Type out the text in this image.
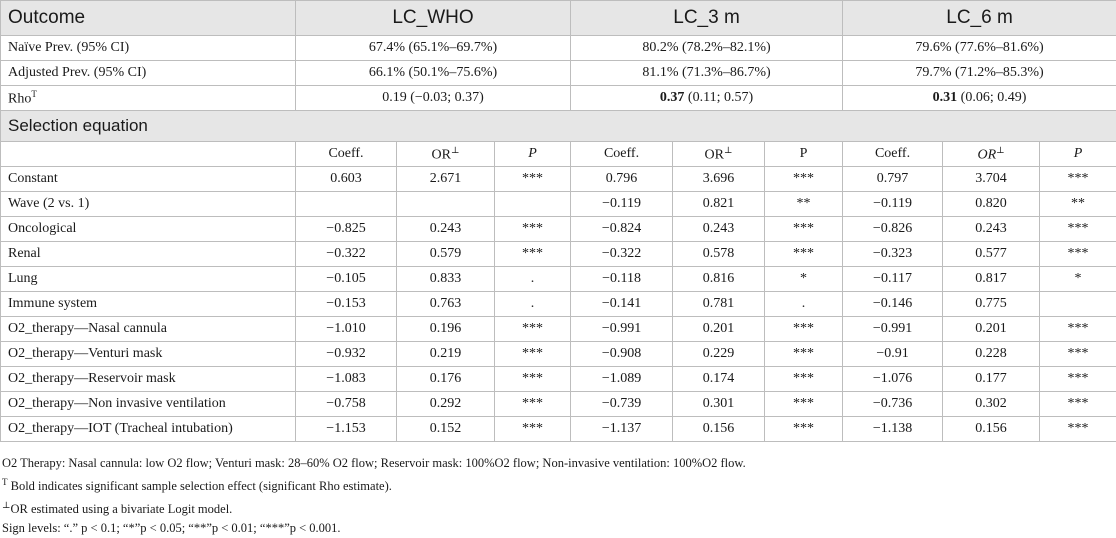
Outcome	LC_WHO			LC_3 m			LC_6 m		
Naïve Prev. (95% CI)	67.4% (65.1%–69.7%)			80.2% (78.2%–82.1%)			79.6% (77.6%–81.6%)		
Adjusted Prev. (95% CI)	66.1% (50.1%–75.6%)			81.1% (71.3%–86.7%)			79.7% (71.2%–85.3%)		
Rho$^T$	0.19 (−0.03; 0.37)			0.37 (0.11; 0.57)			0.31 (0.06; 0.49)		
Selection equation									
	Coeff.	OR⊥	P	Coeff.	OR⊥	P	Coeff.	OR⊥	P
Constant	0.603	2.671	***	0.796	3.696	***	0.797	3.704	***
Wave (2 vs. 1)				−0.119	0.821	**	−0.119	0.820	**
Oncological	−0.825	0.243	***	−0.824	0.243	***	−0.826	0.243	***
Renal	−0.322	0.579	***	−0.322	0.578	***	−0.323	0.577	***
Lung	−0.105	0.833	.	−0.118	0.816	*	−0.117	0.817	*
Immune system	−0.153	0.763	.	−0.141	0.781	.	−0.146	0.775	
O2_therapy—Nasal cannula	−1.010	0.196	***	−0.991	0.201	***	−0.991	0.201	***
O2_therapy—Venturi mask	−0.932	0.219	***	−0.908	0.229	***	−0.91	0.228	***
O2_therapy—Reservoir mask	−1.083	0.176	***	−1.089	0.174	***	−1.076	0.177	***
O2_therapy—Non invasive ventilation	−0.758	0.292	***	−0.739	0.301	***	−0.736	0.302	***
O2_therapy—IOT (Tracheal intubation)	−1.153	0.152	***	−1.137	0.156	***	−1.138	0.156	***
O2 Therapy: Nasal cannula: low O2 flow; Venturi mask: 28–60% O2 flow; Reservoir mask: 100%O2 flow; Non-invasive ventilation: 100%O2 flow.
$^T$ Bold indicates significant sample selection effect (significant Rho estimate).
⊥OR estimated using a bivariate Logit model.
Sign levels: “.” p < 0.1; “*”p < 0.05; “**”p < 0.01; “***”p < 0.001.
